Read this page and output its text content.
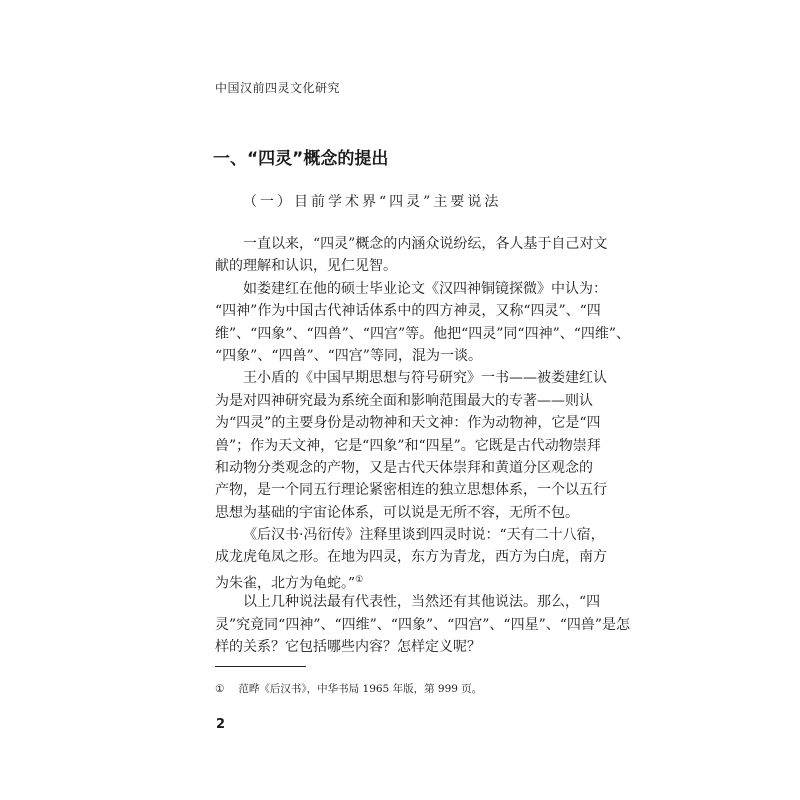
中国汉前四灵文化研究
一、“四灵”概念的提出
（一）目前学术界“四灵”主要说法
一直以来，“四灵”概念的内涵众说纷纭，各人基于自己对文
献的理解和认识，见仁见智。
如娄建红在他的硕士毕业论文《汉四神铜镜探微》中认为：
“四神”作为中国古代神话体系中的四方神灵，又称“四灵”、“四
维”、“四象”、“四兽”、“四宫”等。他把“四灵”同“四神”、“四维”、
“四象”、“四兽”、“四宫”等同，混为一谈。
王小盾的《中国早期思想与符号研究》一书——被娄建红认
为是对四神研究最为系统全面和影响范围最大的专著——则认
为“四灵”的主要身份是动物神和天文神：作为动物神，它是“四
兽”；作为天文神，它是“四象”和“四星”。它既是古代动物崇拜
和动物分类观念的产物，又是古代天体崇拜和黄道分区观念的
产物，是一个同五行理论紧密相连的独立思想体系，一个以五行
思想为基础的宇宙论体系，可以说是无所不容，无所不包。
《后汉书·冯衍传》注释里谈到四灵时说：“天有二十八宿，
成龙虎龟凤之形。在地为四灵，东方为青龙，西方为白虎，南方
为朱雀，北方为龟蛇。”①
以上几种说法最有代表性，当然还有其他说法。那么，“四
灵”究竟同“四神”、“四维”、“四象”、“四宫”、“四星”、“四兽”是怎
样的关系？它包括哪些内容？怎样定义呢？
① 范晔《后汉书》，中华书局 1965 年版，第 999 页。
2
